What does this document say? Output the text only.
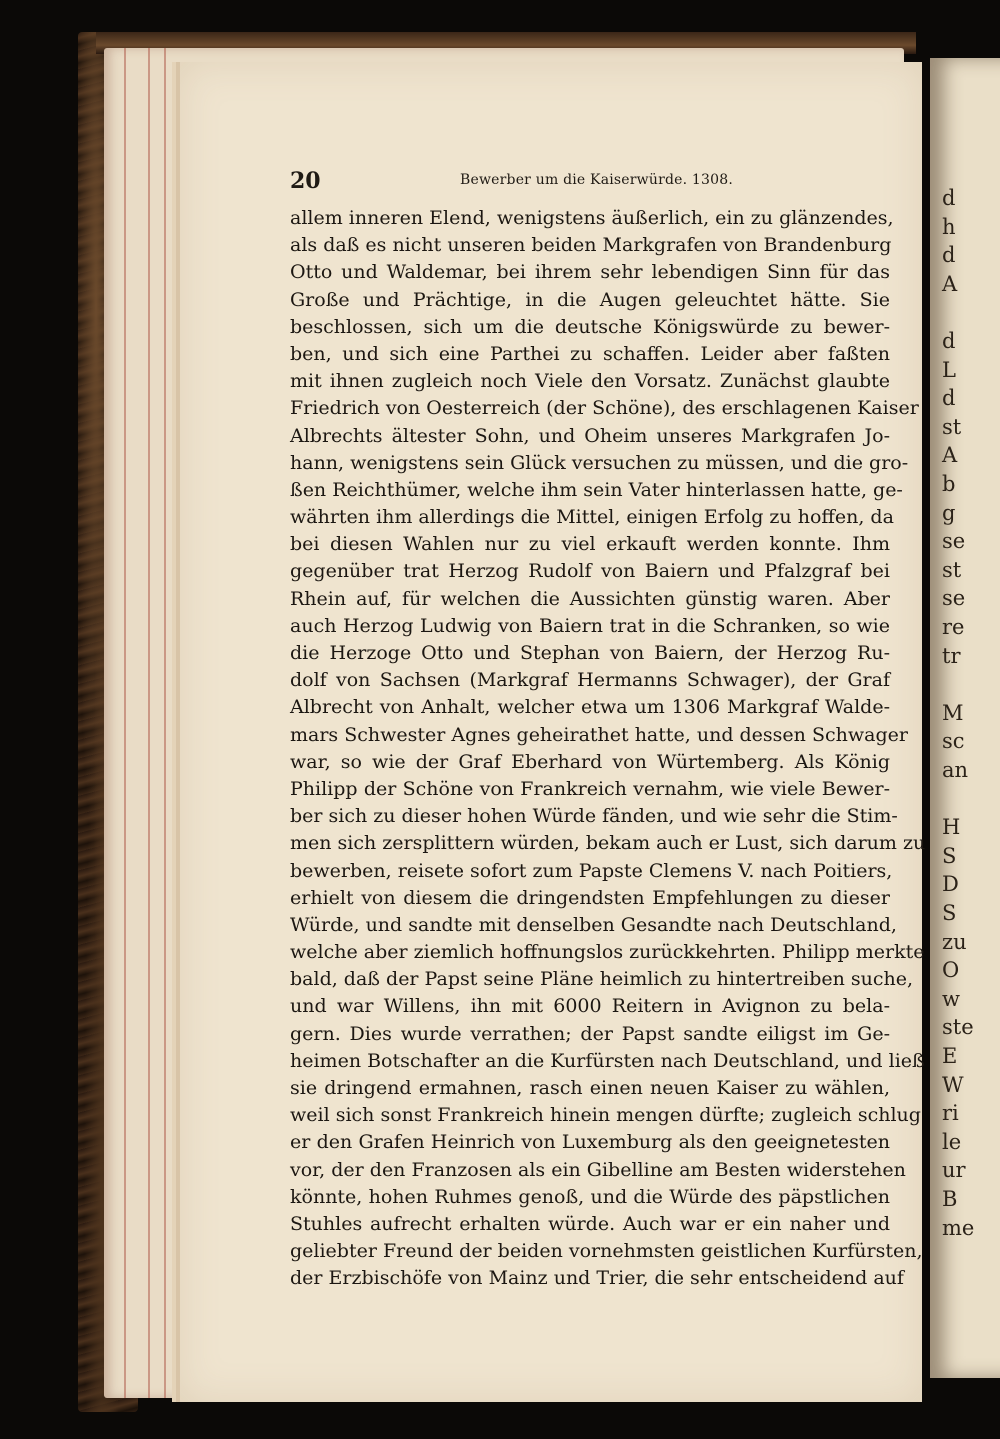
d
h
d
A
d
L
d
st
A
b
g
se
st
se
re
tr
M
sc
an
H
S
D
S
zu
O
w
ste
E
W
ri
le
ur
B
me
20	Bewerber um die Kaiserwürde. 1308.
allem inneren Elend, wenigstens äußerlich, ein zu glänzendes,
als daß es nicht unseren beiden Markgrafen von Brandenburg
Otto und Waldemar, bei ihrem sehr lebendigen Sinn für das
Große und Prächtige, in die Augen geleuchtet hätte. Sie
beschlossen, sich um die deutsche Königswürde zu bewer-
ben, und sich eine Parthei zu schaffen. Leider aber faßten
mit ihnen zugleich noch Viele den Vorsatz. Zunächst glaubte
Friedrich von Oesterreich (der Schöne), des erschlagenen Kaiser
Albrechts ältester Sohn, und Oheim unseres Markgrafen Jo-
hann, wenigstens sein Glück versuchen zu müssen, und die gro-
ßen Reichthümer, welche ihm sein Vater hinterlassen hatte, ge-
währten ihm allerdings die Mittel, einigen Erfolg zu hoffen, da
bei diesen Wahlen nur zu viel erkauft werden konnte. Ihm
gegenüber trat Herzog Rudolf von Baiern und Pfalzgraf bei
Rhein auf, für welchen die Aussichten günstig waren. Aber
auch Herzog Ludwig von Baiern trat in die Schranken, so wie
die Herzoge Otto und Stephan von Baiern, der Herzog Ru-
dolf von Sachsen (Markgraf Hermanns Schwager), der Graf
Albrecht von Anhalt, welcher etwa um 1306 Markgraf Walde-
mars Schwester Agnes geheirathet hatte, und dessen Schwager
war, so wie der Graf Eberhard von Würtemberg. Als König
Philipp der Schöne von Frankreich vernahm, wie viele Bewer-
ber sich zu dieser hohen Würde fänden, und wie sehr die Stim-
men sich zersplittern würden, bekam auch er Lust, sich darum zu
bewerben, reisete sofort zum Papste Clemens V. nach Poitiers,
erhielt von diesem die dringendsten Empfehlungen zu dieser
Würde, und sandte mit denselben Gesandte nach Deutschland,
welche aber ziemlich hoffnungslos zurückkehrten. Philipp merkte
bald, daß der Papst seine Pläne heimlich zu hintertreiben suche,
und war Willens, ihn mit 6000 Reitern in Avignon zu bela-
gern. Dies wurde verrathen; der Papst sandte eiligst im Ge-
heimen Botschafter an die Kurfürsten nach Deutschland, und ließ
sie dringend ermahnen, rasch einen neuen Kaiser zu wählen,
weil sich sonst Frankreich hinein mengen dürfte; zugleich schlug
er den Grafen Heinrich von Luxemburg als den geeignetesten
vor, der den Franzosen als ein Gibelline am Besten widerstehen
könnte, hohen Ruhmes genoß, und die Würde des päpstlichen
Stuhles aufrecht erhalten würde. Auch war er ein naher und
geliebter Freund der beiden vornehmsten geistlichen Kurfürsten,
der Erzbischöfe von Mainz und Trier, die sehr entscheidend auf
